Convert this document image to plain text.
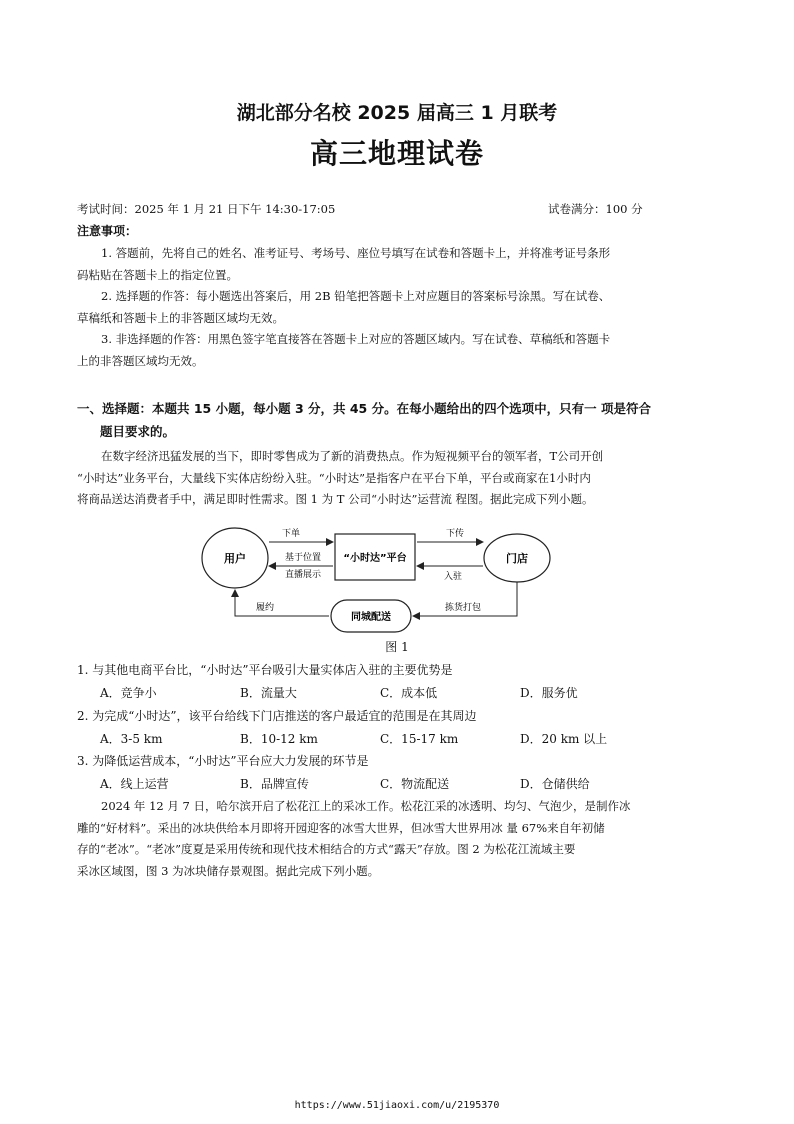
湖北部分名校 2025 届高三 1 月联考
高三地理试卷
考试时间：2025 年 1 月 21 日下午 14:30-17:05	试卷满分：100 分
注意事项：
1. 答题前，先将自己的姓名、准考证号、考场号、座位号填写在试卷和答题卡上，并将准考证号条形
码粘贴在答题卡上的指定位置。
2. 选择题的作答：每小题选出答案后，用 2B 铅笔把答题卡上对应题目的答案标号涂黑。写在试卷、
草稿纸和答题卡上的非答题区域均无效。
3. 非选择题的作答：用黑色签字笔直接答在答题卡上对应的答题区域内。写在试卷、草稿纸和答题卡
上的非答题区域均无效。
一、选择题：本题共 15 小题，每小题 3 分，共 45 分。在每小题给出的四个选项中，只有一 项是符合
题目要求的。
在数字经济迅猛发展的当下，即时零售成为了新的消费热点。作为短视频平台的领军者，T公司开创
“小时达”业务平台，大量线下实体店纷纷入驻。“小时达”是指客户在平台下单，平台或商家在1小时内
将商品送达消费者手中，满足即时性需求。图 1 为 T 公司“小时达”运营流 程图。据此完成下列小题。
用户	“小时达”平台	门店
同城配送
下单
基于位置
直播展示
下传
入驻
拣货打包
履约
图 1
1. 与其他电商平台比，“小时达”平台吸引大量实体店入驻的主要优势是
A．竞争小	B．流量大	C．成本低	D．服务优
2. 为完成“小时达”，该平台给线下门店推送的客户最适宜的范围是在其周边
A．3-5 km	B．10-12 km	C．15-17 km	D．20 km 以上
3. 为降低运营成本，“小时达”平台应大力发展的环节是
A．线上运营	B．品牌宣传	C．物流配送	D．仓储供给
2024 年 12 月 7 日，哈尔滨开启了松花江上的采冰工作。松花江采的冰透明、均匀、气泡少，是制作冰
雕的“好材料”。采出的冰块供给本月即将开园迎客的冰雪大世界，但冰雪大世界用冰 量 67%来自年初储
存的“老冰”。“老冰”度夏是采用传统和现代技术相结合的方式“露天”存放。图 2 为松花江流域主要
采冰区域图，图 3 为冰块储存景观图。据此完成下列小题。
https://www.51jiaoxi.com/u/2195370
